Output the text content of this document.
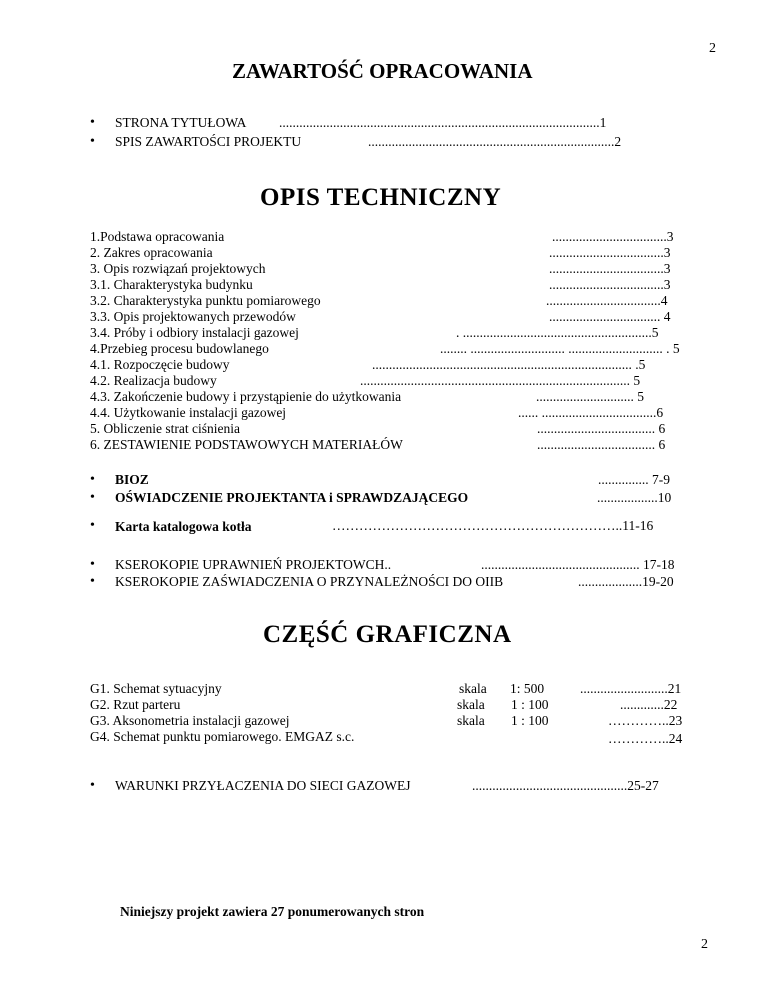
2
2
ZAWARTOŚĆ OPRACOWANIA
• STRONA TYTUŁOWA ...............................................................................................1
• SPIS ZAWARTOŚCI PROJEKTU	.........................................................................2
OPIS TECHNICZNY
1.Podstawa opracowania	..................................3
2. Zakres opracowania	..................................3
3. Opis rozwiązań projektowych	..................................3
3.1. Charakterystyka budynku	..................................3
3.2. Charakterystyka punktu pomiarowego	..................................4
3.3. Opis projektowanych przewodów	................................. 4
3.4. Próby i odbiory instalacji gazowej	. ........................................................5
4.Przebieg procesu budowlanego	........ ............................ ............................ . 5
4.1. Rozpoczęcie budowy	............................................................................. .5
4.2. Realizacja budowy	................................................................................ 5
4.3. Zakończenie budowy i przystąpienie do użytkowania	............................. 5
4.4. Użytkowanie instalacji gazowej	...... ..................................6
5. Obliczenie strat ciśnienia	................................... 6
6. ZESTAWIENIE PODSTAWOWYCH MATERIAŁÓW	................................... 6
• BIOZ	............... 7-9
• OŚWIADCZENIE PROJEKTANTA i SPRAWDZAJĄCEGO	..................10
• Karta katalogowa kotła	………………………………………………………..11-16
• KSEROKOPIE UPRAWNIEŃ PROJEKTOWCH..	............................................... 17-18
• KSEROKOPIE ZAŚWIADCZENIA O PRZYNALEŻNOŚCI DO OIIB	...................19-20
CZĘŚĆ GRAFICZNA
G1. Schemat sytuacyjny	skala 1: 500	..........................21
G2. Rzut parteru	skala 1 : 100	.............22
G3. Aksonometria instalacji gazowej	skala 1 : 100	…………..23
G4. Schemat punktu pomiarowego. EMGAZ s.c.	…………..24
• WARUNKI PRZYŁACZENIA DO SIECI GAZOWEJ	..............................................25-27
Niniejszy projekt zawiera 27 ponumerowanych stron
